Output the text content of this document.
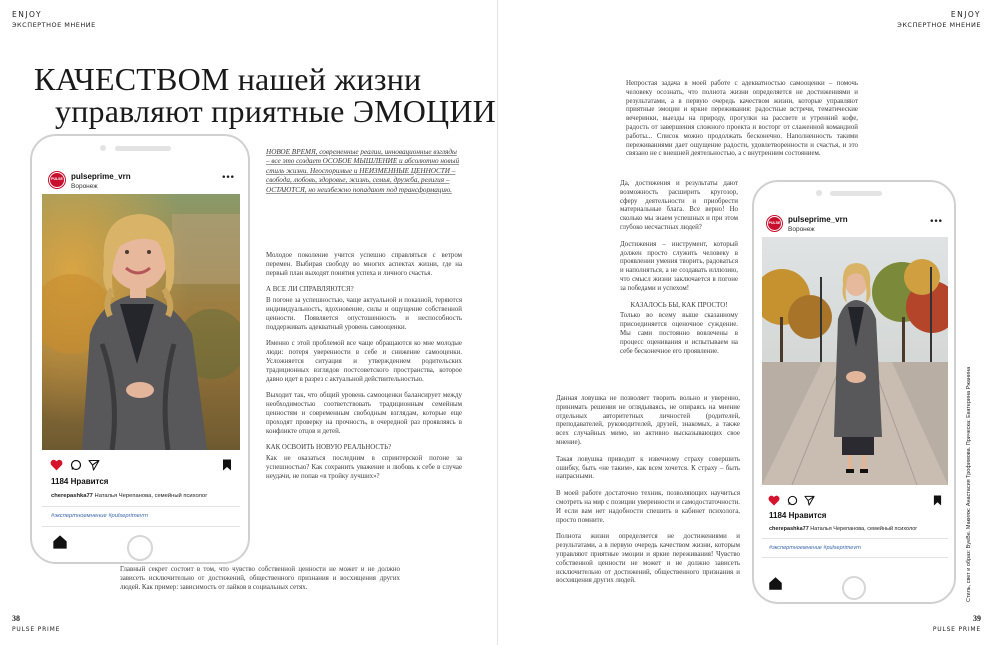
ENJOY
ЭКСПЕРТНОЕ МНЕНИЕ
ENJOY
ЭКСПЕРТНОЕ МНЕНИЕ
КАЧЕСТВОМ нашей жизни
управляют приятные ЭМОЦИИ
PULSE pulseprime_vrn
Воронеж
•••
1184 Нравится
cherepashka77 Наталья Черепанова, семейный психолог
#экспертноемнение #pulseprimevrn
НОВОЕ ВРЕМЯ, современные реалии, инновационные взгляды – все это создает ОСОБОЕ МЫШЛЕНИЕ и абсолютно новый стиль жизни. Неоспоримые и НЕИЗМЕННЫЕ ЦЕННОСТИ – свобода, любовь, здоровье, жизнь, семья, дружба, религия – ОСТАЮТСЯ, но неизбежно попадают под трансформацию.

Молодое поколение учится успешно справляться с ветром перемен. Выбирая свободу во многих аспектах жизни, где на первый план выходят понятия успеха и личного счастья.

А ВСЕ ЛИ СПРАВЛЯЮТСЯ?

В погоне за успешностью, чаще актуальной и показной, теряются индивидуальность, вдохновение, силы и ощущение собственной ценности. Появляется опустошенность и неспособность поддерживать адекватный уровень самооценки.

Именно с этой проблемой все чаще обращаются ко мне молодые люди: потеря уверенности в себе и снижение самооценки. Усложняется ситуация и утверждением родительских традиционных взглядов постсоветского пространства, которое давно идет в разрез с актуальной действительностью.

Выходит так, что общий уровень самооценки балансирует между необходимостью соответствовать традиционным семейным ценностям и современным свободным взглядам, которые еще проходят проверку на прочность, в очередной раз проявляясь в конфликте отцов и детей.

КАК ОСВОИТЬ НОВУЮ РЕАЛЬНОСТЬ?

Как не оказаться последним в спринтерской погоне за успешностью? Как сохранить уважение и любовь к себе в случае неудачи, не попав «в тройку лучших»?

Главный секрет состоит в том, что чувство собственной ценности не может и не должно зависеть исключительно от достижений, общественного признания и восхищения других людей. Как пример: зависимость от лайков в социальных сетях.

Непростая задача в моей работе с адекватностью самооценки – помочь человеку осознать, что полнота жизни определяется не достижениями и результатами, а в первую очередь качеством жизни, которые управляют приятные эмоции и яркие переживания: радостные встречи, тематические вечеринки, выезды на природу, прогулки на рассвете и утренний кофе, радость от завершения сложного проекта и восторг от слаженной командной работы... Список можно продолжать бесконечно. Наполненность такими переживаниями дает ощущение радости, удовлетворенности и счастья, и это связано не с внешней деятельностью, а с внутренним состоянием.

Да, достижения и результаты дают возможность расширить кругозор, сферу деятельности и приобрести материальные блага. Все верно! Но сколько мы знаем успешных и при этом глубоко несчастных людей?

Достижения – инструмент, который должен просто служить человеку в проявлении умения творить, радоваться и наполняться, а не создавать иллюзию, что смысл жизни заключается в погоне за победами и успехом!

КАЗАЛОСЬ БЫ, КАК ПРОСТО!

Только во всему выше сказанному присоединяется оценочное суждение. Мы сами постоянно вовлечены в процесс оценивания и испытываем на себе бесконечное его проявление.

Данная ловушка не позволяет творить вольно и уверенно, принимать решения не оглядываясь, не опираясь на мнение отдельных авторитетных личностей (родителей, преподавателей, руководителей, друзей, знакомых, а также всех случайных мимо, но активно высказывающих свое мнение).

Такая ловушка приводит к извечному страху совершить ошибку, быть «не таким», как всем хочется. К страху – быть напрасными.

В моей работе достаточно техник, позволяющих научиться смотреть на мир с позиции уверенности и самодостаточности. И если вам нет надобности спешить в кабинет психолога, просто помните.

Полнота жизни определяется не достижениями и результатами, а в первую очередь качеством жизни, которым управляют приятные эмоции и яркие переживания! Чувство собственной ценности не может и не должно зависеть исключительно от достижений, общественного признания и восхищения других людей.

PULSE pulseprime_vrn
Воронеж
•••
1184 Нравится
cherepashka77 Наталья Черепанова, семейный психолог
#экспертноемнение #pulseprimevrn	Стиль, свет и образ: ByeBe. Макияж: Анастасия Трофимова. Прическа: Екатерина Ржанина
38
PULSE PRIME
39
PULSE PRIME
